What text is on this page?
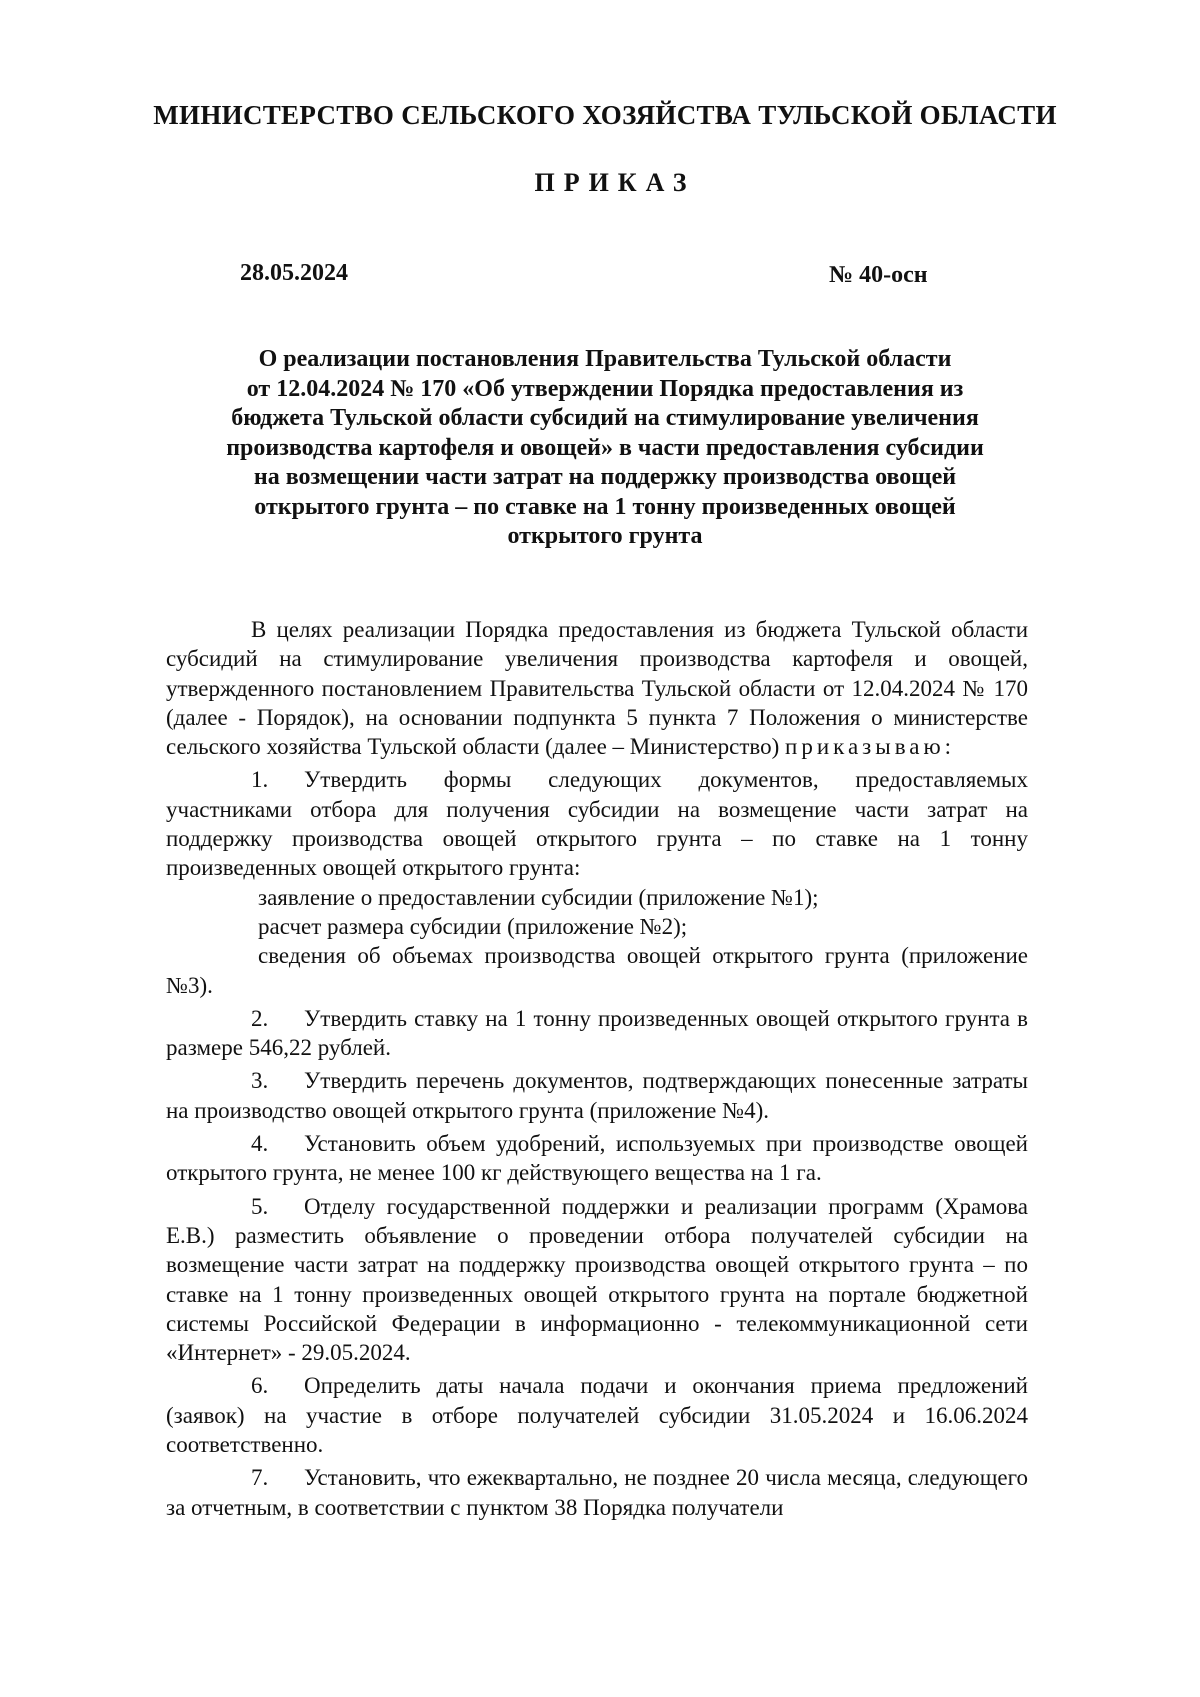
МИНИСТЕРСТВО СЕЛЬСКОГО ХОЗЯЙСТВА ТУЛЬСКОЙ ОБЛАСТИ
ПРИКАЗ
28.05.2024	№ 40-осн
О реализации постановления Правительства Тульской области
от 12.04.2024 № 170 «Об утверждении Порядка предоставления из
бюджета Тульской области субсидий на стимулирование увеличения
производства картофеля и овощей» в части предоставления субсидии
на возмещении части затрат на поддержку производства овощей
открытого грунта – по ставке на 1 тонну произведенных овощей
открытого грунта

В целях реализации Порядка предоставления из бюджета Тульской области субсидий на стимулирование увеличения производства картофеля и овощей, утвержденного постановлением Правительства Тульской области от 12.04.2024 № 170 (далее - Порядок), на основании подпункта 5 пункта 7 Положения о министерстве сельского хозяйства Тульской области (далее – Министерство) приказываю:

1. Утвердить формы следующих документов, предоставляемых участниками отбора для получения субсидии на возмещение части затрат на поддержку производства овощей открытого грунта – по ставке на 1 тонну произведенных овощей открытого грунта:

заявление о предоставлении субсидии (приложение №1);

расчет размера субсидии (приложение №2);

сведения об объемах производства овощей открытого грунта (приложение №3).

2. Утвердить ставку на 1 тонну произведенных овощей открытого грунта в размере 546,22 рублей.

3. Утвердить перечень документов, подтверждающих понесенные затраты на производство овощей открытого грунта (приложение №4).

4. Установить объем удобрений, используемых при производстве овощей открытого грунта, не менее 100 кг действующего вещества на 1 га.

5. Отделу государственной поддержки и реализации программ (Храмова Е.В.) разместить объявление о проведении отбора получателей субсидии на возмещение части затрат на поддержку производства овощей открытого грунта – по ставке на 1 тонну произведенных овощей открытого грунта на портале бюджетной системы Российской Федерации в информационно - телекоммуникационной сети «Интернет» - 29.05.2024.

6. Определить даты начала подачи и окончания приема предложений (заявок) на участие в отборе получателей субсидии 31.05.2024 и 16.06.2024 соответственно.

7. Установить, что ежеквартально, не позднее 20 числа месяца, следующего за отчетным, в соответствии с пунктом 38 Порядка получатели
